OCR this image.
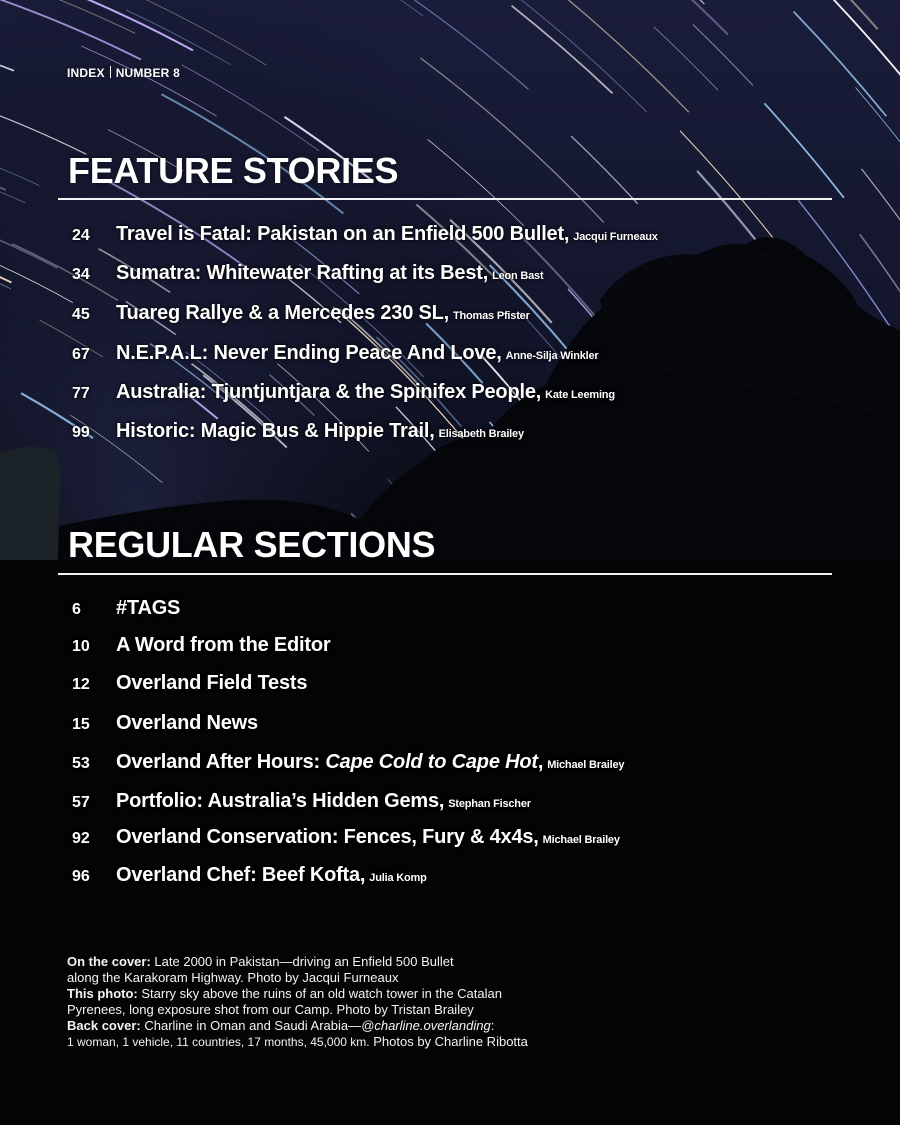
INDEX NUMBER 8
FEATURE STORIES
24	Travel is Fatal: Pakistan on an Enfield 500 Bullet, Jacqui Furneaux
34	Sumatra: Whitewater Rafting at its Best, Leon Bast
45	Tuareg Rallye & a Mercedes 230 SL, Thomas Pfister
67	N.E.P.A.L: Never Ending Peace And Love, Anne-Silja Winkler
77	Australia: Tjuntjuntjara & the Spinifex People, Kate Leeming
99	Historic: Magic Bus & Hippie Trail, Elisabeth Brailey
REGULAR SECTIONS
6	#TAGS
10	A Word from the Editor
12	Overland Field Tests
15	Overland News
53	Overland After Hours: Cape Cold to Cape Hot, Michael Brailey
57	Portfolio: Australia’s Hidden Gems, Stephan Fischer
92	Overland Conservation: Fences, Fury & 4x4s, Michael Brailey
96	Overland Chef: Beef Kofta, Julia Komp
On the cover: Late 2000 in Pakistan—driving an Enfield 500 Bullet
along the Karakoram Highway. Photo by Jacqui Furneaux
This photo: Starry sky above the ruins of an old watch tower in the Catalan
Pyrenees, long exposure shot from our Camp. Photo by Tristan Brailey
Back cover: Charline in Oman and Saudi Arabia—@charline.overlanding:
1 woman, 1 vehicle, 11 countries, 17 months, 45,000 km. Photos by Charline Ribotta
